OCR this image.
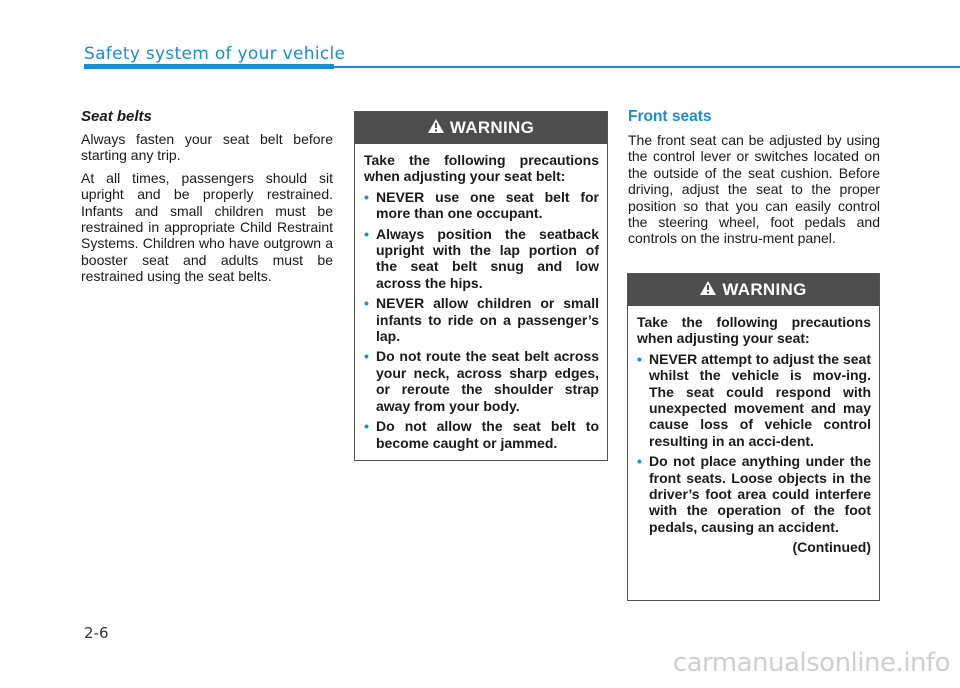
Safety system of your vehicle
Seat belts

Always fasten your seat belt before starting any trip.

At all times, passengers should sit upright and be properly restrained. Infants and small children must be restrained in appropriate Child Restraint Systems. Children who have outgrown a booster seat and adults must be restrained using the seat belts.

WARNING

Take the following precautions when adjusting your seat belt:

• NEVER use one seat belt for more than one occupant.
• Always position the seatback upright with the lap portion of the seat belt snug and low across the hips.
• NEVER allow children or small infants to ride on a passenger’s lap.
• Do not route the seat belt across your neck, across sharp edges, or reroute the shoulder strap away from your body.
• Do not allow the seat belt to become caught or jammed.
Front seats

The front seat can be adjusted by using the control lever or switches located on the outside of the seat cushion. Before driving, adjust the seat to the proper position so that you can easily control the steering wheel, foot pedals and controls on the instru-ment panel.

WARNING

Take the following precautions when adjusting your seat:

• NEVER attempt to adjust the seat whilst the vehicle is mov-ing. The seat could respond with unexpected movement and may cause loss of vehicle control resulting in an acci-dent.
• Do not place anything under the front seats. Loose objects in the driver’s foot area could interfere with the operation of the foot pedals, causing an accident.
(Continued)
2-6
carmanualsonline.info
